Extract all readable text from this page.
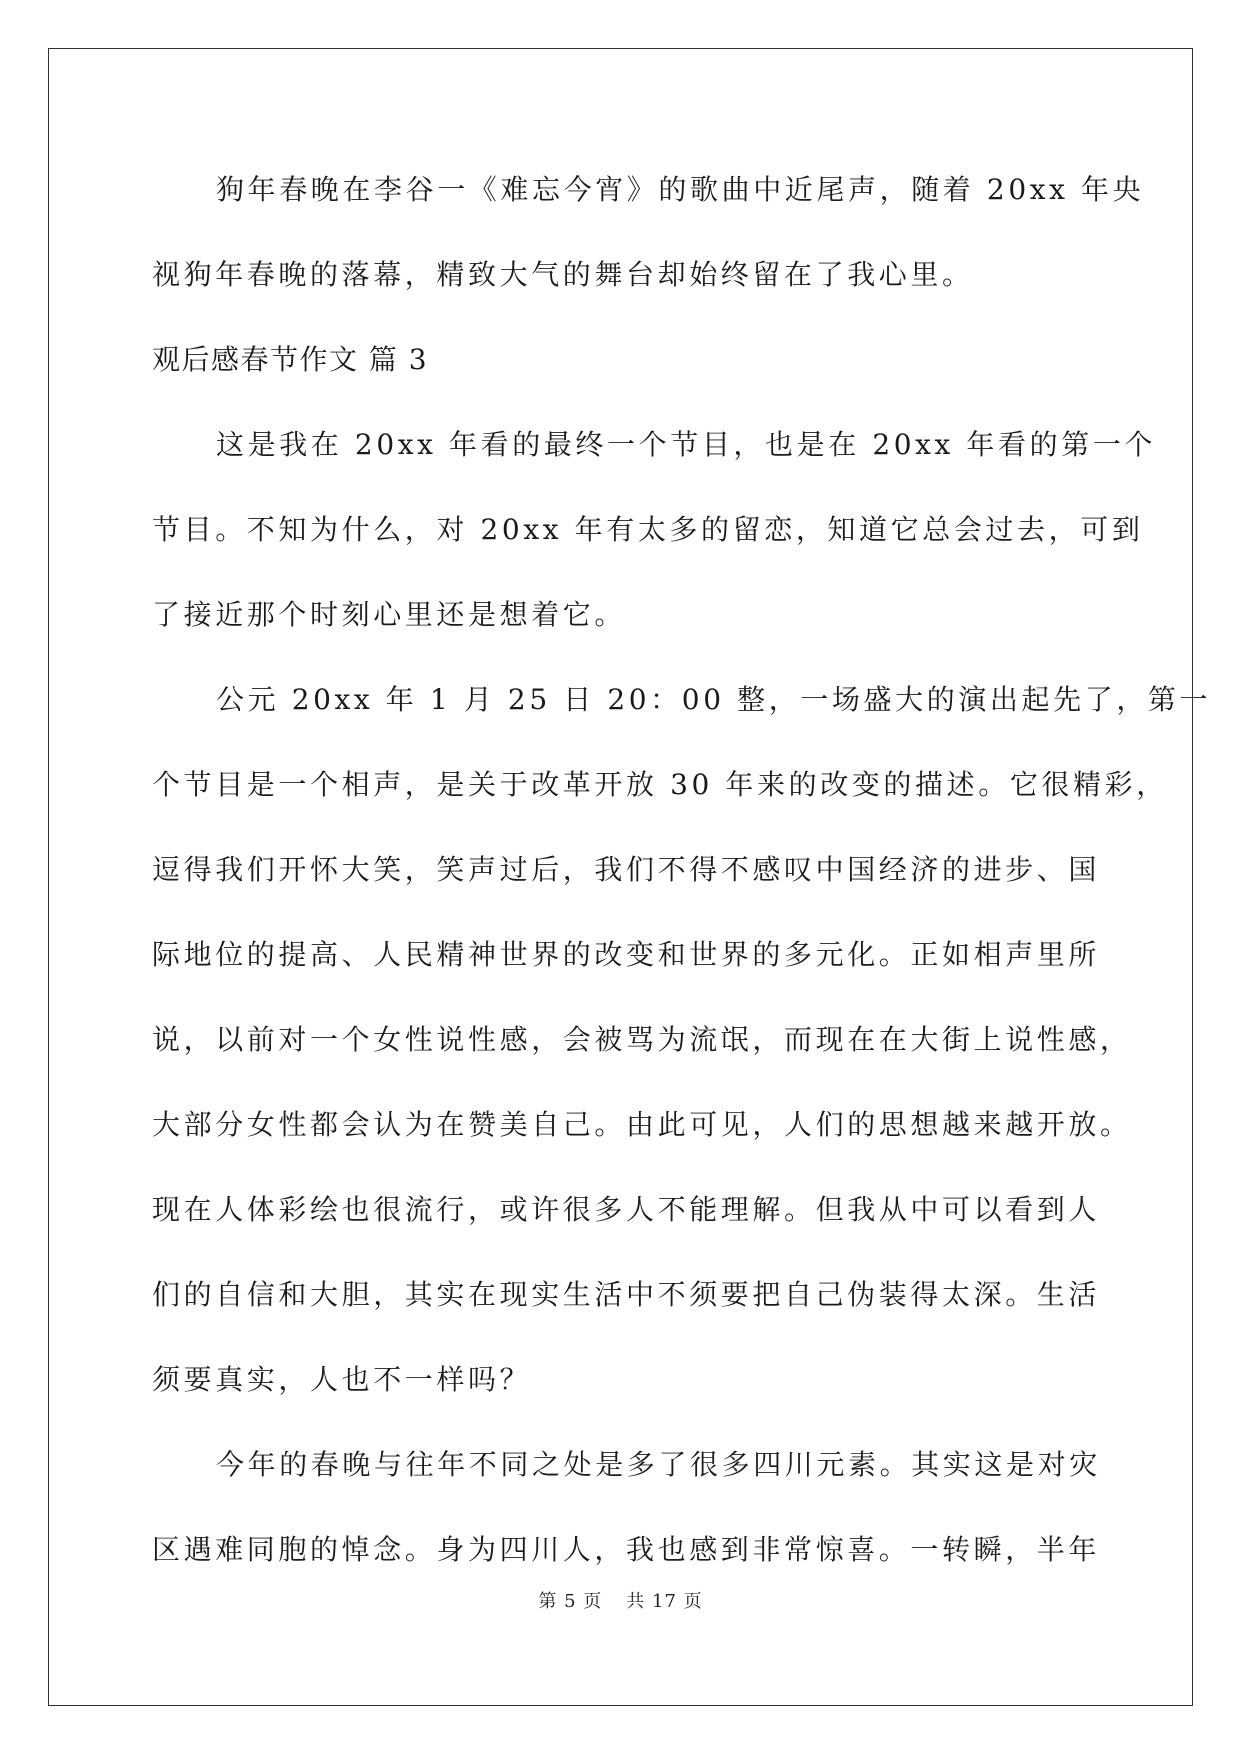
狗年春晚在李谷一《难忘今宵》的歌曲中近尾声，随着 20xx 年央
视狗年春晚的落幕，精致大气的舞台却始终留在了我心里。
观后感春节作文 篇 3
这是我在 20xx 年看的最终一个节目，也是在 20xx 年看的第一个
节目。不知为什么，对 20xx 年有太多的留恋，知道它总会过去，可到
了接近那个时刻心里还是想着它。
公元 20xx 年 1 月 25 日 20：00 整，一场盛大的演出起先了，第一
个节目是一个相声，是关于改革开放 30 年来的改变的描述。它很精彩，
逗得我们开怀大笑，笑声过后，我们不得不感叹中国经济的进步、国
际地位的提高、人民精神世界的改变和世界的多元化。正如相声里所
说，以前对一个女性说性感，会被骂为流氓，而现在在大街上说性感，
大部分女性都会认为在赞美自己。由此可见，人们的思想越来越开放。
现在人体彩绘也很流行，或许很多人不能理解。但我从中可以看到人
们的自信和大胆，其实在现实生活中不须要把自己伪装得太深。生活
须要真实，人也不一样吗？
今年的春晚与往年不同之处是多了很多四川元素。其实这是对灾
区遇难同胞的悼念。身为四川人，我也感到非常惊喜。一转瞬，半年
第 5 页 共 17 页
